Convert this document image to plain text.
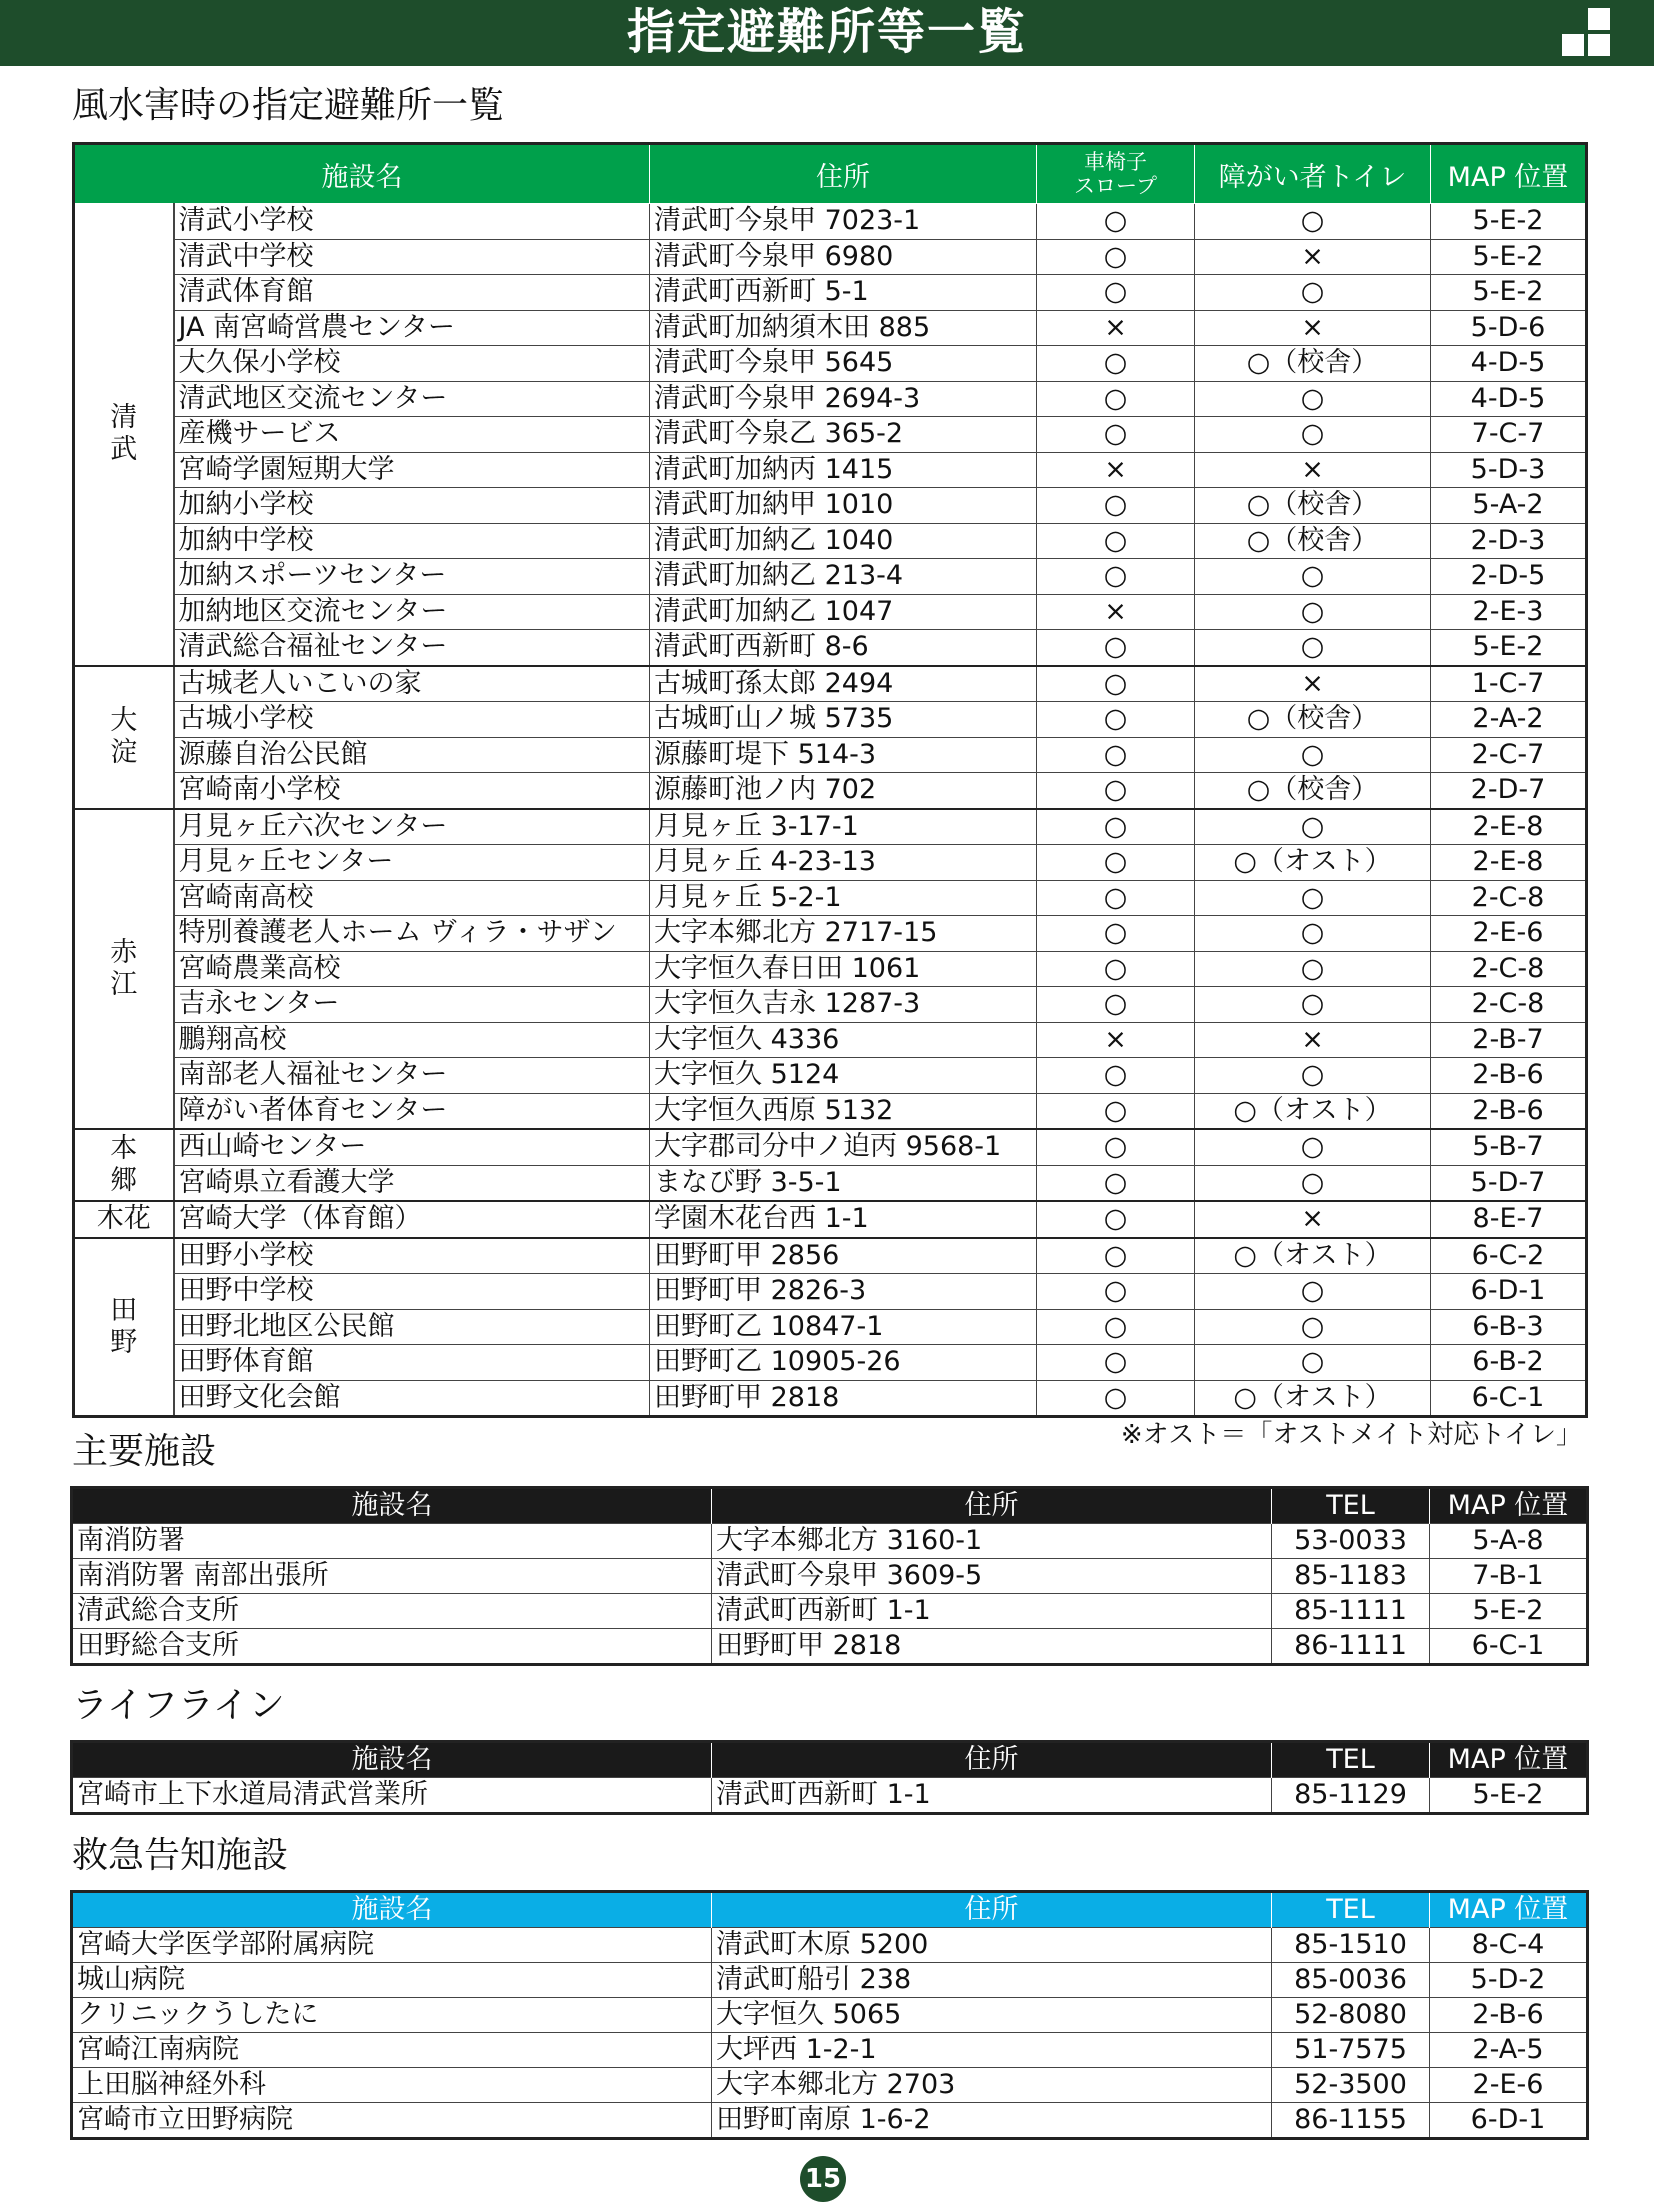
指定避難所等一覧
風水害時の指定避難所一覧
施設名		住所	車椅子
スロープ	障がい者トイレ	MAP 位置
清武	清武小学校	清武町今泉甲 7023-1	○	○	5-E-2
	清武中学校	清武町今泉甲 6980	○	×	5-E-2
	清武体育館	清武町西新町 5-1	○	○	5-E-2
	JA 南宮崎営農センター	清武町加納須木田 885	×	×	5-D-6
	大久保小学校	清武町今泉甲 5645	○	○（校舎）	4-D-5
	清武地区交流センター	清武町今泉甲 2694-3	○	○	4-D-5
	産機サービス	清武町今泉乙 365-2	○	○	7-C-7
	宮崎学園短期大学	清武町加納丙 1415	×	×	5-D-3
	加納小学校	清武町加納甲 1010	○	○（校舎）	5-A-2
	加納中学校	清武町加納乙 1040	○	○（校舎）	2-D-3
	加納スポーツセンター	清武町加納乙 213-4	○	○	2-D-5
	加納地区交流センター	清武町加納乙 1047	×	○	2-E-3
	清武総合福祉センター	清武町西新町 8-6	○	○	5-E-2
大淀	古城老人いこいの家	古城町孫太郎 2494	○	×	1-C-7
	古城小学校	古城町山ノ城 5735	○	○（校舎）	2-A-2
	源藤自治公民館	源藤町堤下 514-3	○	○	2-C-7
	宮崎南小学校	源藤町池ノ内 702	○	○（校舎）	2-D-7
赤江	月見ヶ丘六次センター	月見ヶ丘 3-17-1	○	○	2-E-8
	月見ヶ丘センター	月見ヶ丘 4-23-13	○	○（オスト）	2-E-8
	宮崎南高校	月見ヶ丘 5-2-1	○	○	2-C-8
	特別養護老人ホーム ヴィラ・サザン	大字本郷北方 2717-15	○	○	2-E-6
	宮崎農業高校	大字恒久春日田 1061	○	○	2-C-8
	吉永センター	大字恒久吉永 1287-3	○	○	2-C-8
	鵬翔高校	大字恒久 4336	×	×	2-B-7
	南部老人福祉センター	大字恒久 5124	○	○	2-B-6
	障がい者体育センター	大字恒久西原 5132	○	○（オスト）	2-B-6
本郷	西山崎センター	大字郡司分中ノ迫丙 9568-1	○	○	5-B-7
	宮崎県立看護大学	まなび野 3-5-1	○	○	5-D-7
木花	宮崎大学（体育館）	学園木花台西 1-1	○	×	8-E-7
田野	田野小学校	田野町甲 2856	○	○（オスト）	6-C-2
	田野中学校	田野町甲 2826-3	○	○	6-D-1
	田野北地区公民館	田野町乙 10847-1	○	○	6-B-3
	田野体育館	田野町乙 10905-26	○	○	6-B-2
	田野文化会館	田野町甲 2818	○	○（オスト）	6-C-1
※オスト＝「オストメイト対応トイレ」
主要施設
施設名	住所	TEL	MAP 位置
南消防署	大字本郷北方 3160-1	53-0033	5-A-8
南消防署 南部出張所	清武町今泉甲 3609-5	85-1183	7-B-1
清武総合支所	清武町西新町 1-1	85-1111	5-E-2
田野総合支所	田野町甲 2818	86-1111	6-C-1
ライフライン
施設名	住所	TEL	MAP 位置
宮崎市上下水道局清武営業所	清武町西新町 1-1	85-1129	5-E-2
救急告知施設
施設名	住所	TEL	MAP 位置
宮崎大学医学部附属病院	清武町木原 5200	85-1510	8-C-4
城山病院	清武町船引 238	85-0036	5-D-2
クリニックうしたに	大字恒久 5065	52-8080	2-B-6
宮崎江南病院	大坪西 1-2-1	51-7575	2-A-5
上田脳神経外科	大字本郷北方 2703	52-3500	2-E-6
宮崎市立田野病院	田野町南原 1-6-2	86-1155	6-D-1
15
